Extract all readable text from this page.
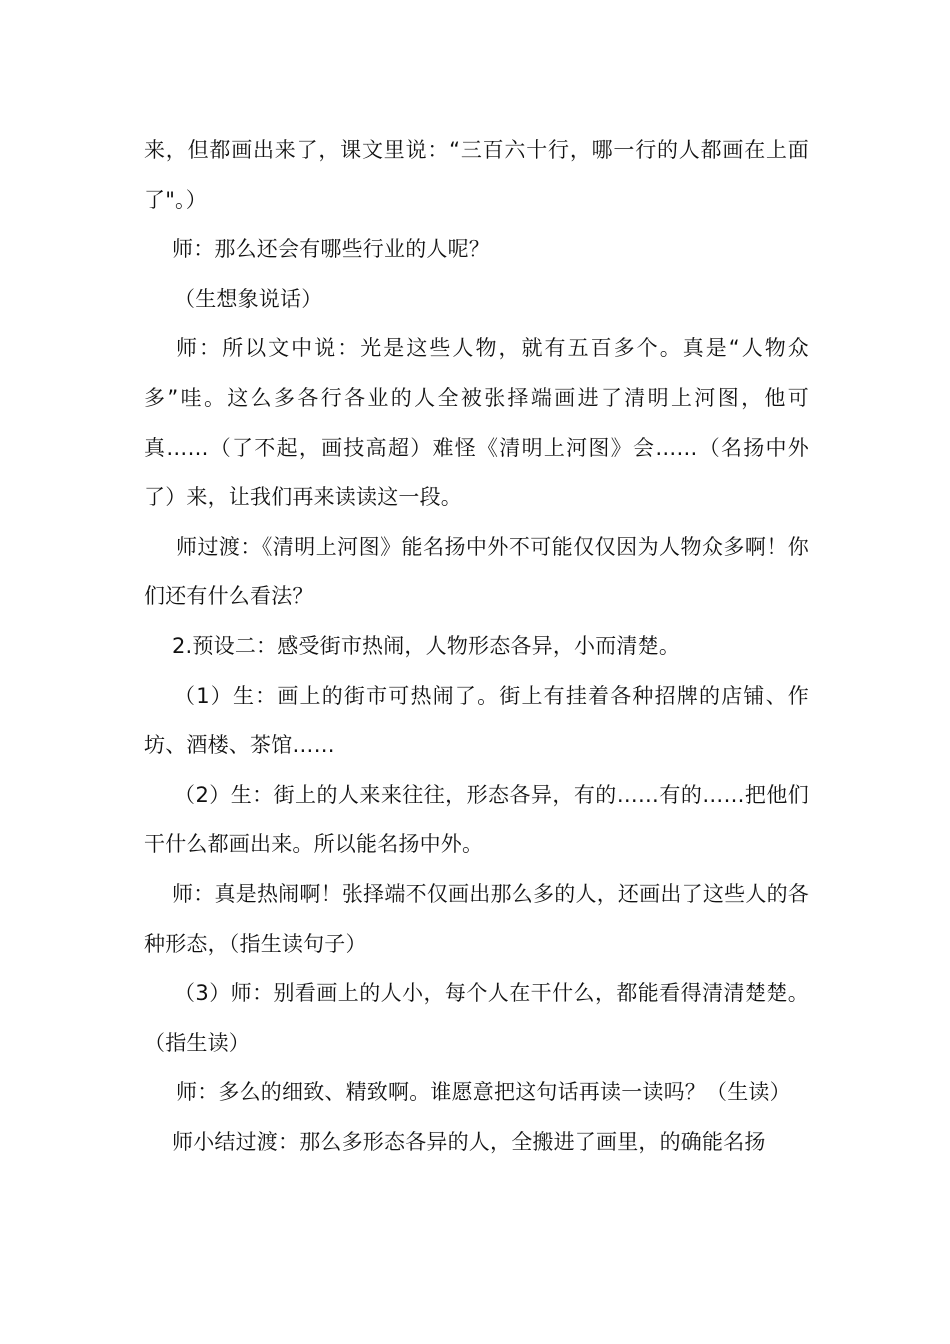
来，但都画出来了，课文里说：“三百六十行，哪一行的人都画在上面了"。）

师：那么还会有哪些行业的人呢？

（生想象说话）

师：所以文中说：光是这些人物，就有五百多个。真是“人物众多”哇。这么多各行各业的人全被张择端画进了清明上河图，他可真……（了不起，画技高超）难怪《清明上河图》会……（名扬中外了）来，让我们再来读读这一段。

师过渡：《清明上河图》能名扬中外不可能仅仅因为人物众多啊！你们还有什么看法？

2.预设二：感受街市热闹，人物形态各异，小而清楚。

（1）生：画上的街市可热闹了。街上有挂着各种招牌的店铺、作坊、酒楼、茶馆……

（2）生：街上的人来来往往，形态各异，有的……有的……把他们干什么都画出来。所以能名扬中外。

师：真是热闹啊！张择端不仅画出那么多的人，还画出了这些人的各种形态，（指生读句子）

（3）师：别看画上的人小，每个人在干什么，都能看得清清楚楚。（指生读）

师：多么的细致、精致啊。谁愿意把这句话再读一读吗？（生读）

师小结过渡：那么多形态各异的人，全搬进了画里，的确能名扬
